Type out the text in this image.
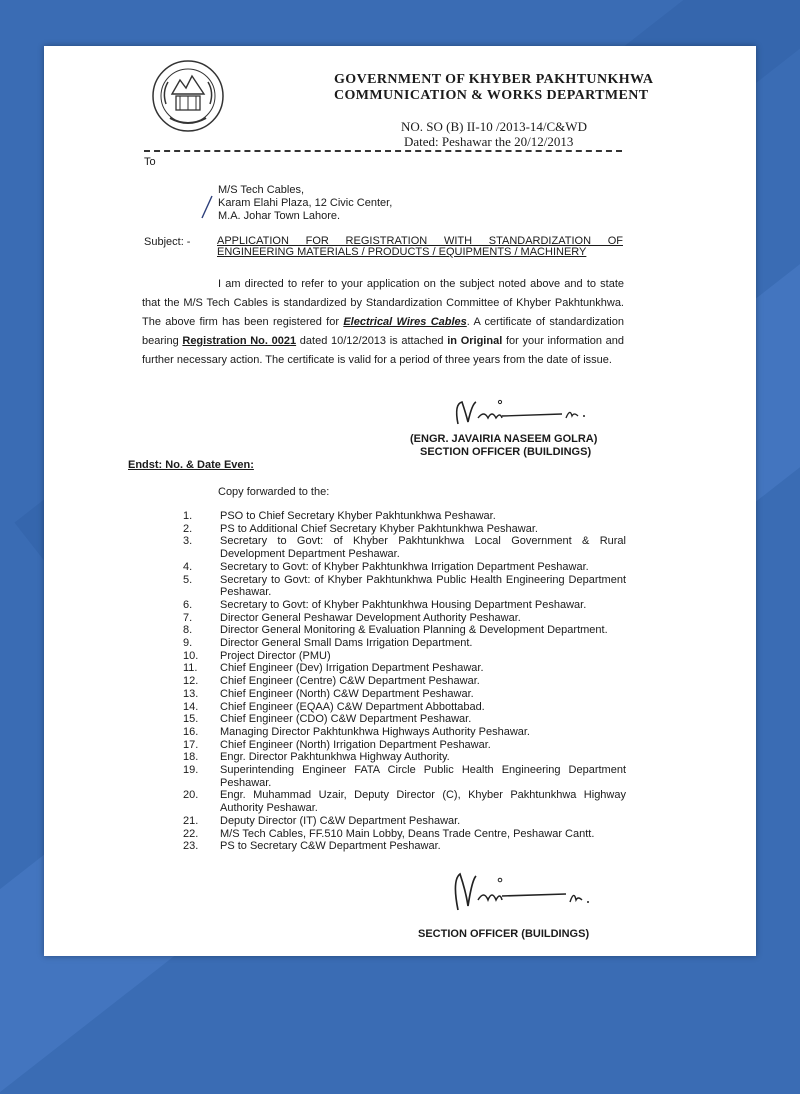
GOVERNMENT OF KHYBER PAKHTUNKHWA
COMMUNICATION & WORKS DEPARTMENT
NO. SO (B) II-10 /2013-14/C&WD
Dated: Peshawar the 20/12/2013
To
M/S Tech Cables,
Karam Elahi Plaza, 12 Civic Center,
M.A. Johar Town Lahore.
Subject: - APPLICATION FOR REGISTRATION WITH STANDARDIZATION OF
ENGINEERING MATERIALS / PRODUCTS / EQUIPMENTS / MACHINERY
I am directed to refer to your application on the subject noted above and to state that the M/S Tech Cables is standardized by Standardization Committee of Khyber Pakhtunkhwa. The above firm has been registered for Electrical Wires Cables. A certificate of standardization bearing Registration No. 0021 dated 10/12/2013 is attached in Original for your information and further necessary action. The certificate is valid for a period of three years from the date of issue.
(ENGR. JAVAIRIA NASEEM GOLRA)
SECTION OFFICER (BUILDINGS)
Endst: No. & Date Even:
Copy forwarded to the:
1.	PSO to Chief Secretary Khyber Pakhtunkhwa Peshawar.
2.	PS to Additional Chief Secretary Khyber Pakhtunkhwa Peshawar.
3.	Secretary to Govt: of Khyber Pakhtunkhwa Local Government & Rural Development Department Peshawar.
4.	Secretary to Govt: of Khyber Pakhtunkhwa Irrigation Department Peshawar.
5.	Secretary to Govt: of Khyber Pakhtunkhwa Public Health Engineering Department Peshawar.
6.	Secretary to Govt: of Khyber Pakhtunkhwa Housing Department Peshawar.
7.	Director General Peshawar Development Authority Peshawar.
8.	Director General Monitoring & Evaluation Planning & Development Department.
9.	Director General Small Dams Irrigation Department.
10.	Project Director (PMU)
11.	Chief Engineer (Dev) Irrigation Department Peshawar.
12.	Chief Engineer (Centre) C&W Department Peshawar.
13.	Chief Engineer (North) C&W Department Peshawar.
14.	Chief Engineer (EQAA) C&W Department Abbottabad.
15.	Chief Engineer (CDO) C&W Department Peshawar.
16.	Managing Director Pakhtunkhwa Highways Authority Peshawar.
17.	Chief Engineer (North) Irrigation Department Peshawar.
18.	Engr. Director Pakhtunkhwa Highway Authority.
19.	Superintending Engineer FATA Circle Public Health Engineering Department Peshawar.
20.	Engr. Muhammad Uzair, Deputy Director (C), Khyber Pakhtunkhwa Highway Authority Peshawar.
21.	Deputy Director (IT) C&W Department Peshawar.
22.	M/S Tech Cables, FF.510 Main Lobby, Deans Trade Centre, Peshawar Cantt.
23.	PS to Secretary C&W Department Peshawar.
SECTION OFFICER (BUILDINGS)
